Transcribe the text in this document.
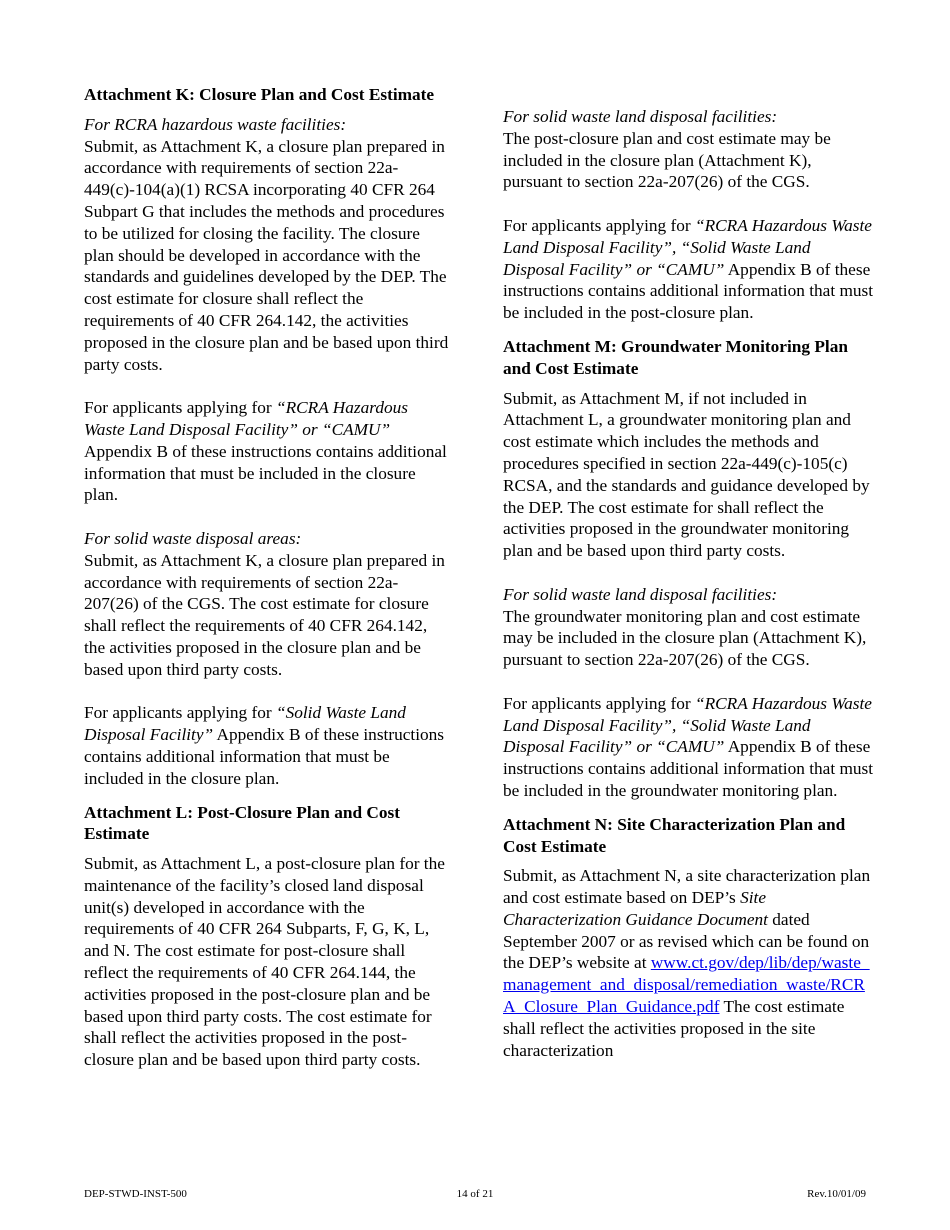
Attachment K: Closure Plan and Cost Estimate

For RCRA hazardous waste facilities:
Submit, as Attachment K, a closure plan prepared in accordance with requirements of section 22a-449(c)-104(a)(1) RCSA incorporating 40 CFR 264 Subpart G that includes the methods and procedures to be utilized for closing the facility. The closure plan should be developed in accordance with the standards and guidelines developed by the DEP. The cost estimate for closure shall reflect the requirements of 40 CFR 264.142, the activities proposed in the closure plan and be based upon third party costs.

For applicants applying for “RCRA Hazardous Waste Land Disposal Facility” or “CAMU” Appendix B of these instructions contains additional information that must be included in the closure plan.

For solid waste disposal areas:
Submit, as Attachment K, a closure plan prepared in accordance with requirements of section 22a-207(26) of the CGS. The cost estimate for closure shall reflect the requirements of 40 CFR 264.142, the activities proposed in the closure plan and be based upon third party costs.

For applicants applying for “Solid Waste Land Disposal Facility” Appendix B of these instructions contains additional information that must be included in the closure plan.

Attachment L: Post-Closure Plan and Cost Estimate

Submit, as Attachment L, a post-closure plan for the maintenance of the facility’s closed land disposal unit(s) developed in accordance with the requirements of 40 CFR 264 Subparts, F, G, K, L, and N. The cost estimate for post-closure shall reflect the requirements of 40 CFR 264.144, the activities proposed in the post-closure plan and be based upon third party costs. The cost estimate for shall reflect the activities proposed in the post-closure plan and be based upon third party costs.

For solid waste land disposal facilities:
The post-closure plan and cost estimate may be included in the closure plan (Attachment K), pursuant to section 22a-207(26) of the CGS.

For applicants applying for “RCRA Hazardous Waste Land Disposal Facility”, “Solid Waste Land Disposal Facility” or “CAMU” Appendix B of these instructions contains additional information that must be included in the post-closure plan.

Attachment M: Groundwater Monitoring Plan and Cost Estimate

Submit, as Attachment M, if not included in Attachment L, a groundwater monitoring plan and cost estimate which includes the methods and procedures specified in section 22a-449(c)-105(c) RCSA, and the standards and guidance developed by the DEP. The cost estimate for shall reflect the activities proposed in the groundwater monitoring plan and be based upon third party costs.

For solid waste land disposal facilities:
The groundwater monitoring plan and cost estimate may be included in the closure plan (Attachment K), pursuant to section 22a-207(26) of the CGS.

For applicants applying for “RCRA Hazardous Waste Land Disposal Facility”, “Solid Waste Land Disposal Facility” or “CAMU” Appendix B of these instructions contains additional information that must be included in the groundwater monitoring plan.

Attachment N: Site Characterization Plan and Cost Estimate

Submit, as Attachment N, a site characterization plan and cost estimate based on DEP’s Site Characterization Guidance Document dated September 2007 or as revised which can be found on the DEP’s website at www.ct.gov/dep/lib/dep/waste_management_and_disposal/remediation_waste/RCRA_Closure_Plan_Guidance.pdf The cost estimate shall reflect the activities proposed in the site characterization

DEP-STWD-INST-500	14 of 21	Rev.10/01/09
